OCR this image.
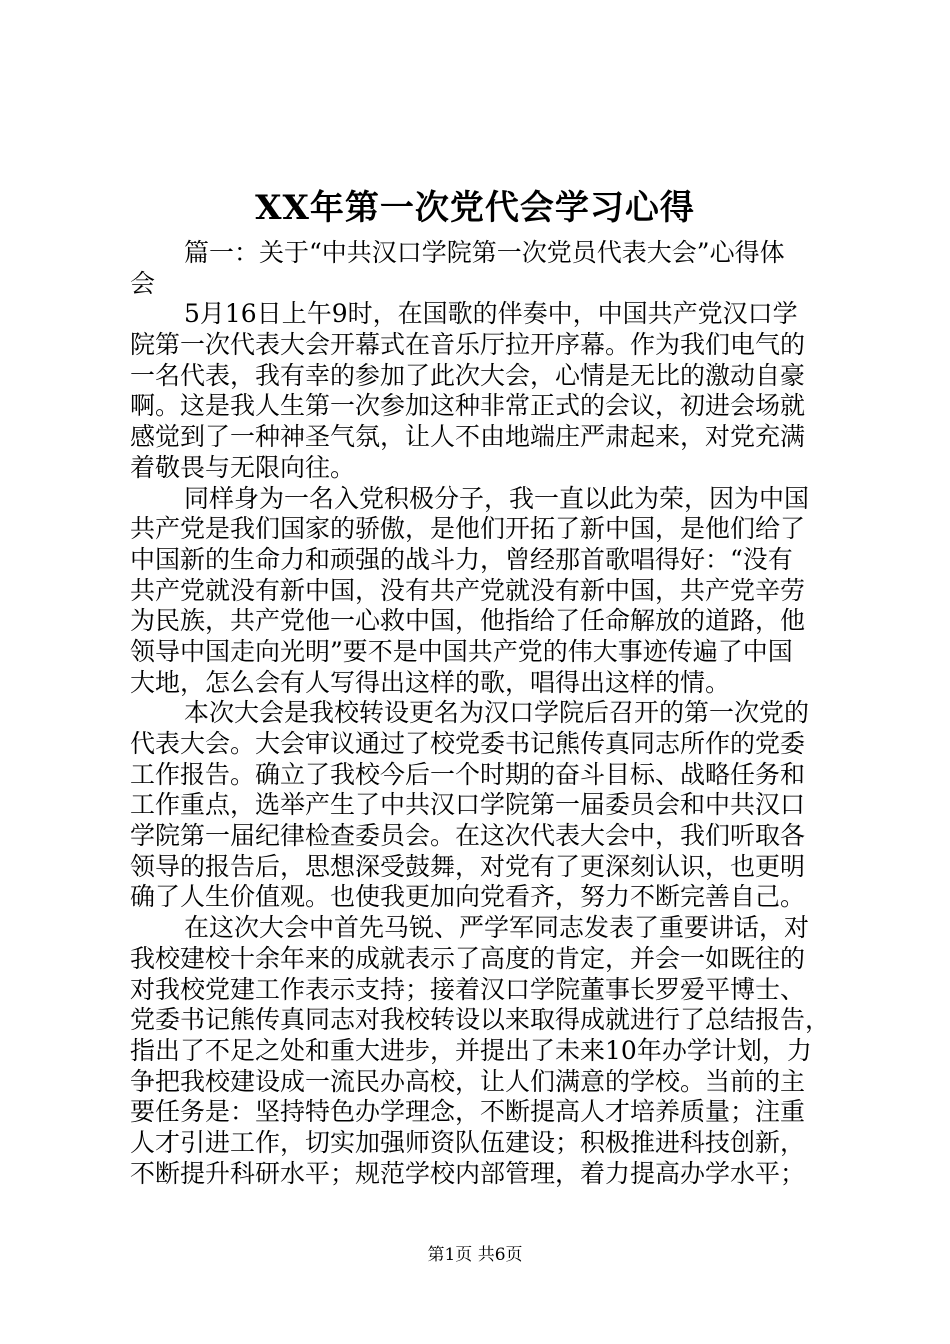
XX年第一次党代会学习心得
篇一：关于“中共汉口学院第一次党员代表大会”心得体
会
5月16日上午9时，在国歌的伴奏中，中国共产党汉口学
院第一次代表大会开幕式在音乐厅拉开序幕。作为我们电气的
一名代表，我有幸的参加了此次大会，心情是无比的激动自豪
啊。这是我人生第一次参加这种非常正式的会议，初进会场就
感觉到了一种神圣气氛，让人不由地端庄严肃起来，对党充满
着敬畏与无限向往。
同样身为一名入党积极分子，我一直以此为荣，因为中国
共产党是我们国家的骄傲，是他们开拓了新中国，是他们给了
中国新的生命力和顽强的战斗力，曾经那首歌唱得好：“没有
共产党就没有新中国，没有共产党就没有新中国，共产党辛劳
为民族，共产党他一心救中国，他指给了任命解放的道路，他
领导中国走向光明”要不是中国共产党的伟大事迹传遍了中国
大地，怎么会有人写得出这样的歌，唱得出这样的情。
本次大会是我校转设更名为汉口学院后召开的第一次党的
代表大会。大会审议通过了校党委书记熊传真同志所作的党委
工作报告。确立了我校今后一个时期的奋斗目标、战略任务和
工作重点，选举产生了中共汉口学院第一届委员会和中共汉口
学院第一届纪律检查委员会。在这次代表大会中，我们听取各
领导的报告后，思想深受鼓舞，对党有了更深刻认识，也更明
确了人生价值观。也使我更加向党看齐，努力不断完善自己。
在这次大会中首先马锐、严学军同志发表了重要讲话，对
我校建校十余年来的成就表示了高度的肯定，并会一如既往的
对我校党建工作表示支持；接着汉口学院董事长罗爱平博士、
党委书记熊传真同志对我校转设以来取得成就进行了总结报告，
指出了不足之处和重大进步，并提出了未来10年办学计划，力
争把我校建设成一流民办高校，让人们满意的学校。当前的主
要任务是：坚持特色办学理念，不断提高人才培养质量；注重
人才引进工作，切实加强师资队伍建设；积极推进科技创新，
不断提升科研水平；规范学校内部管理，着力提高办学水平；
第1页 共6页
